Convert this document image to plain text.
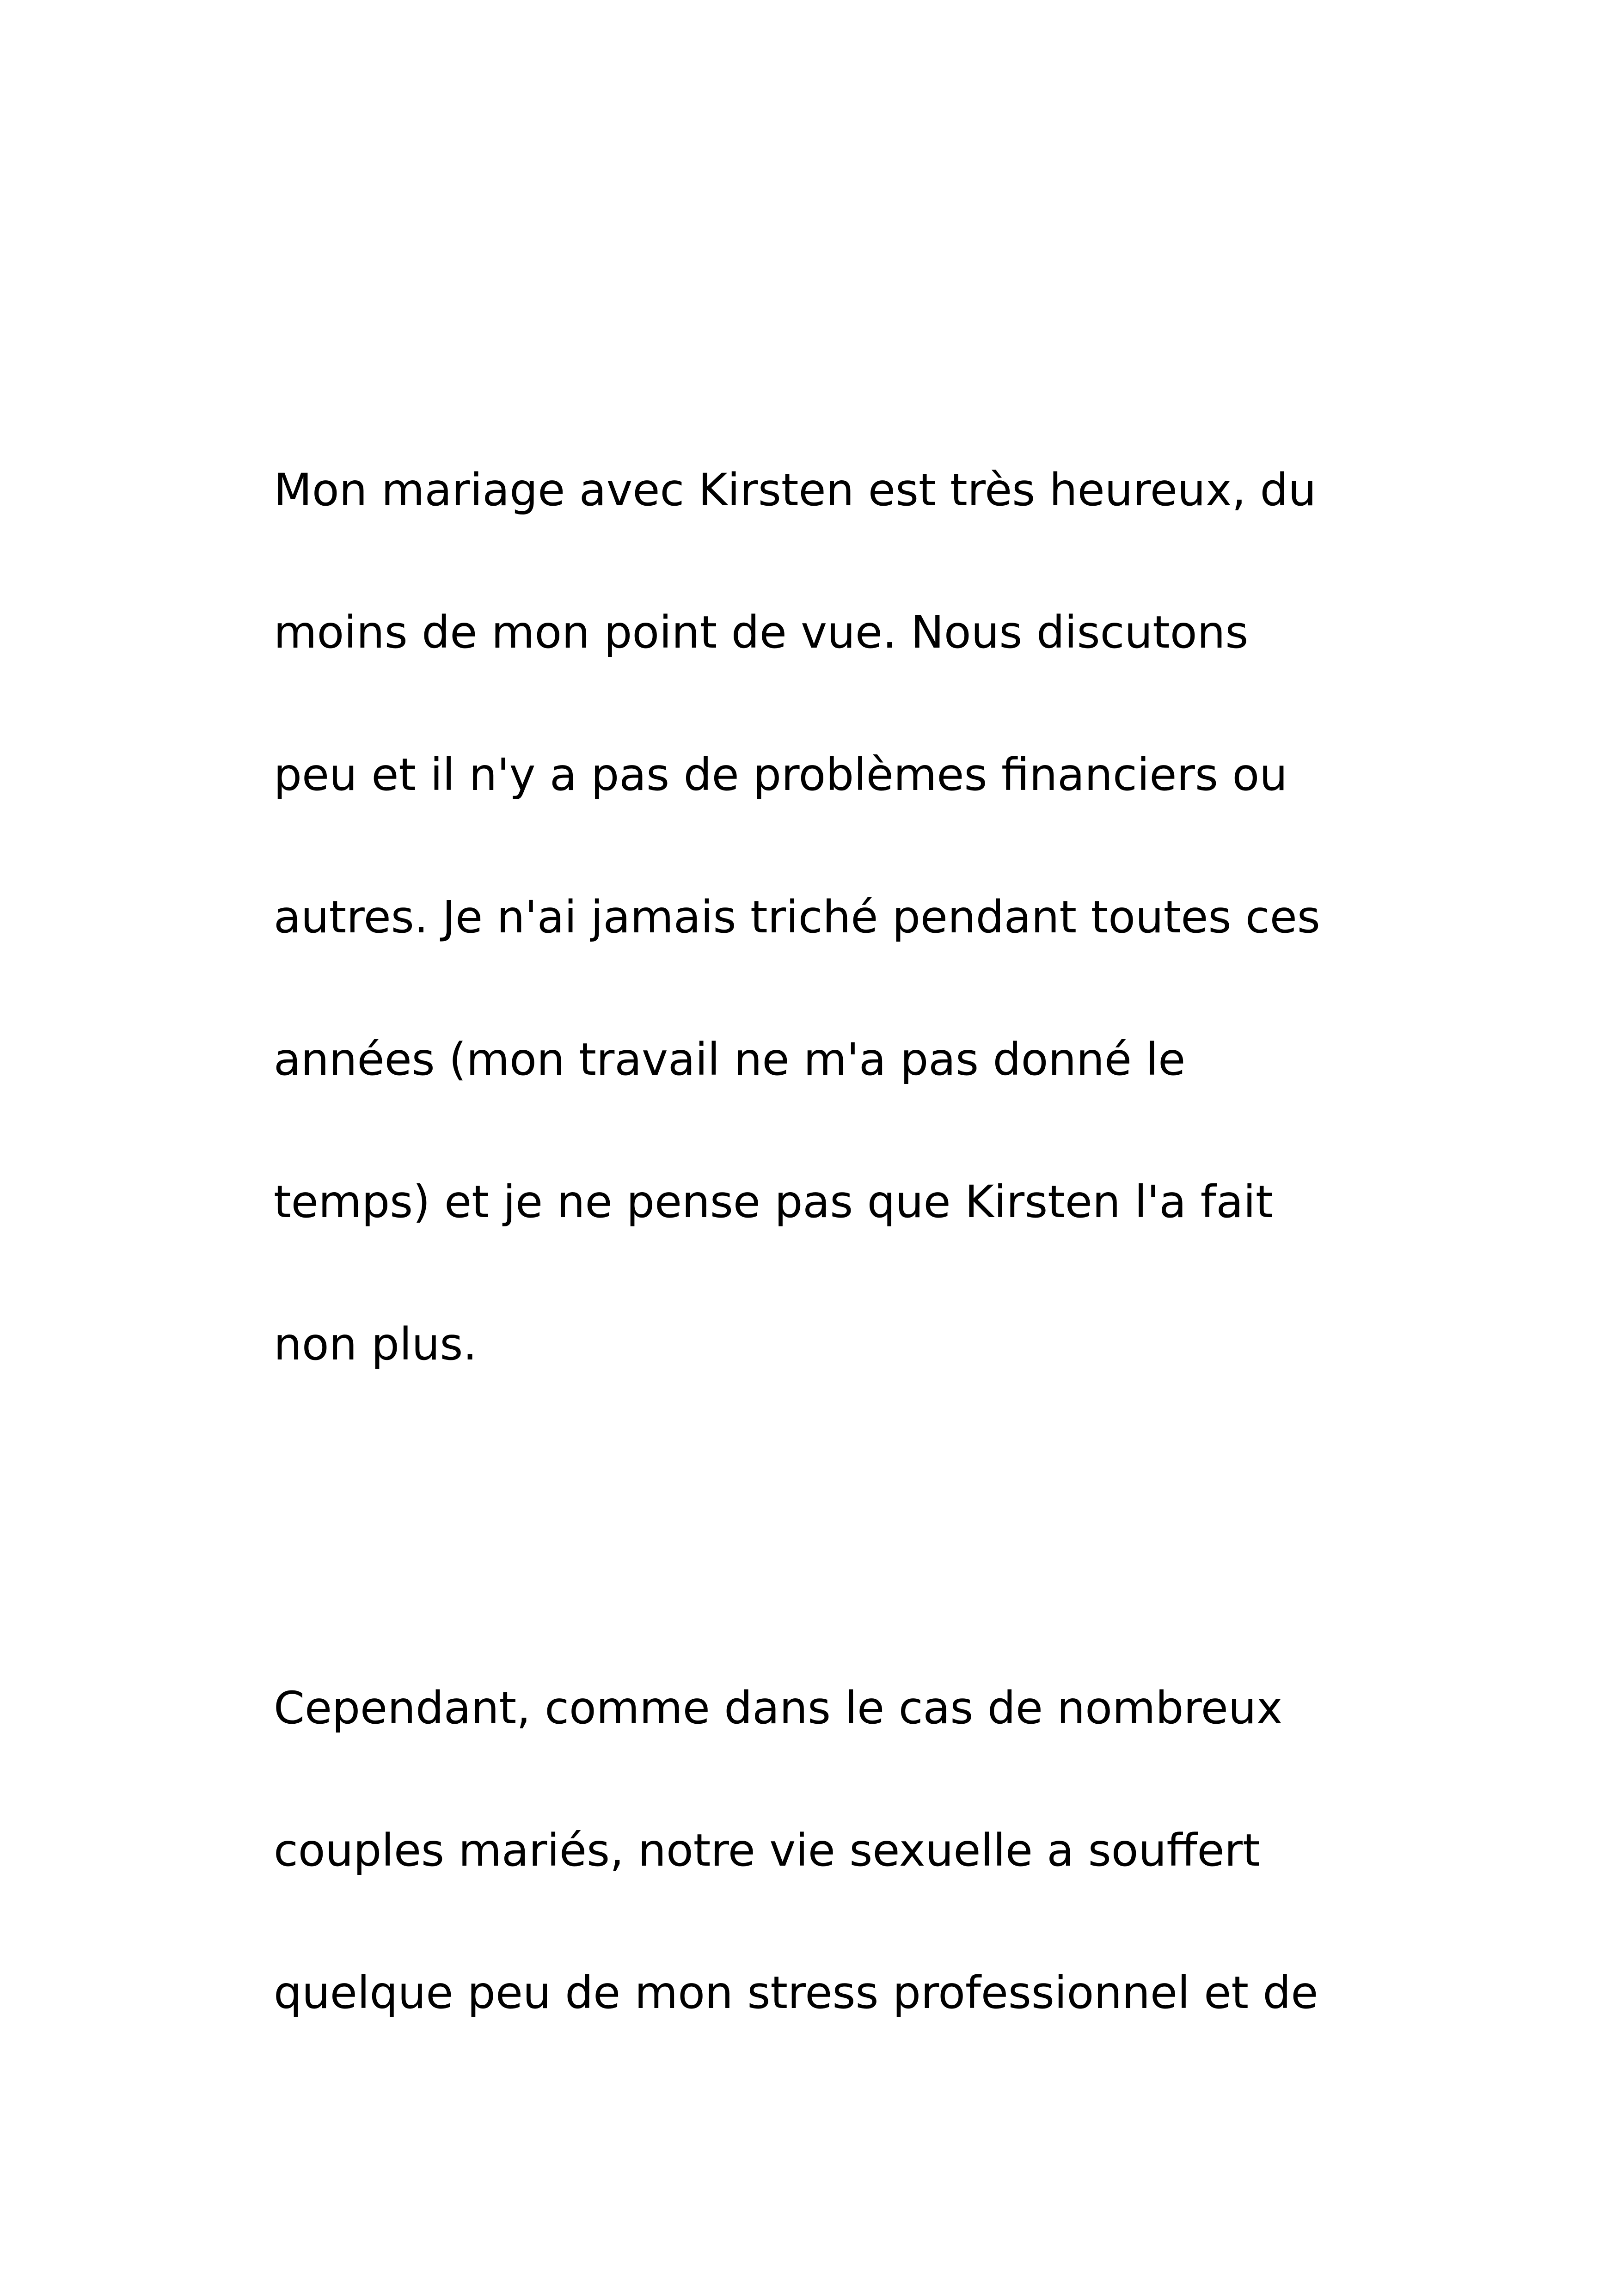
Mon mariage avec Kirsten est très heureux, du
moins de mon point de vue. Nous discutons
peu et il n'y a pas de problèmes financiers ou
autres. Je n'ai jamais triché pendant toutes ces
années (mon travail ne m'a pas donné le
temps) et je ne pense pas que Kirsten l'a fait
non plus.

Cependant, comme dans le cas de nombreux
couples mariés, notre vie sexuelle a souffert
quelque peu de mon stress professionnel et de
